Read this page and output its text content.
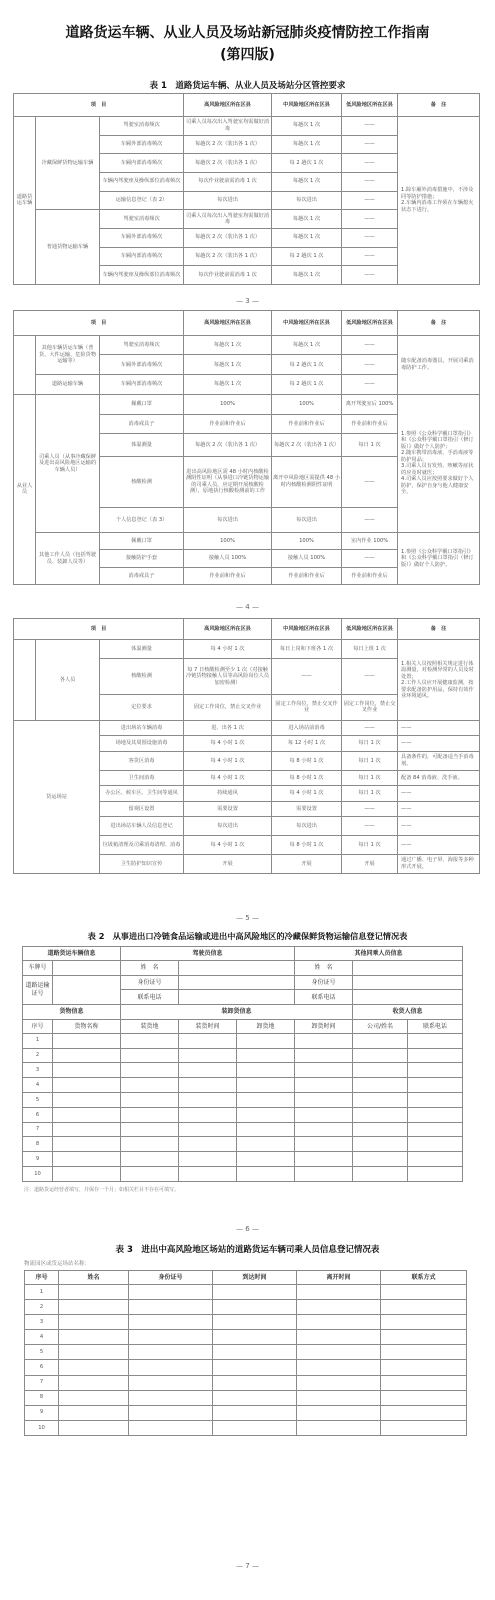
道路货运车辆、从业人员及场站新冠肺炎疫情防控工作指南
(第四版)
表 1　道路货运车辆、从业人员及场站分区管控要求
项　目			高风险地区所在区县	中风险地区所在区县	低风险地区所在区县	备　注
道路货运车辆	冷藏保鲜货物运输车辆	驾驶室消毒频次	司乘人员每次出入驾驶室均需做好消毒	每趟次 1 次	——	1.除车厢外消毒措施中，不涉及同等防护措施；
2.车辆内消毒工作须在车辆熄火状态下进行。
		车厢外部消毒频次	每趟次 2 次（装出各 1 次）	每趟次 1 次	——	
		车厢内部消毒频次	每趟次 2 次（装出各 1 次）	每 2 趟次 1 次	——	
		车辆内驾驶座及操纵部位消毒频次	每次作业驶前需消毒 1 次	每趟次 1 次	——	
		运输信息登记（表 2）	每次进出	每次进出	——	
	普通货物运输车辆	驾驶室消毒频次	司乘人员每次出入驾驶室均需做好消毒	每趟次 1 次	——	
		车厢外部消毒频次	每趟次 2 次（装出各 1 次）	每趟次 1 次	——	
		车厢内部消毒频次	每趟次 2 次（装出各 1 次）	每 2 趟次 1 次	——	
		车辆内驾驶座及操纵部位消毒频次	每次作业驶前需消毒 1 次	每趟次 1 次	——	
— 3 —
项　目			高风险地区所在区县	中风险地区所在区县	低风险地区所在区县	备　注
	其他车辆货运车辆（普货、大件运输、危险货物运输等）	驾驶室消毒频次	每趟次 1 次	每趟次 1 次	——	随车配备消毒器具，开展司乘消毒防护工作。
		车厢外部消毒频次	每趟次 1 次	每 2 趟次 1 次	——	
	道路运输车辆	车厢内部消毒频次	每趟次 1 次	每 2 趟次 1 次	——	
从业人员	司乘人员（从事冷藏保鲜及进出高风险地区运输的车辆人员）	佩戴口罩	100%	100%	离开驾驶室后 100%	1.参照《公众科学戴口罩指引》和《公众科学戴口罩指引（修订版）》做好个人防护；
2.随车携带消毒液、手消毒液等防护用品；
3.司乘人员有发热、咳嗽等症状的应及时就医；
4.司乘人员应按照要求做好个人防护，保护自身与他人健康安全。
		消毒戒具子	作业前和作业后	作业前和作业后	作业前和作业后	
		体温测量	每趟次 2 次（装出各 1 次）	每趟次 2 次（装出各 1 次）	每日 1 次	
		核酸检测	进出高风险地区需 48 小时内核酸检测阴性证明（从事进口冷链货物运输的司乘人员，应定期开展核酸检测），原地执行核酸检测前的工作	离开中风险地区需提供 48 小时内核酸检测阴性证明	——	
		个人信息登记（表 3）	每次进出	每次进出	——	
	其他工作人员（包括驾驶员、装卸人员等）	佩戴口罩	100%	100%	室内作业 100%	1.参照《公众科学戴口罩指引》和《公众科学戴口罩指引（修订版）》做好个人防护。
		接触防护手套	接触人员 100%	接触人员 100%	——	
		消毒戒具子	作业前和作业后	作业前和作业后	作业前和作业后	
— 4 —
项　目			高风险地区所在区县	中风险地区所在区县	低风险地区所在区县	备　注
	各人员	体温测量	每 4 小时 1 次	每日上岗和下班各 1 次	每日上班 1 次	1.相关人员按照相关规定进行体温测量，对检测异常的人员及时处置；
2.工作人员应开展健康监测，按要求配备防护用品，保持有效作业环境通风。
		核酸检测	每 7 日核酸检测至少 1 次（对接触冷链货物接触人员等高风险岗位人员加密检测）	——	——	
		定位要求	固定工作岗位，禁止交叉作业	固定工作岗位，禁止交叉作业	固定工作岗位，禁止交叉作业	
货运场站		进出场站车辆消毒	进、出各 1 次	进入场站前消毒	——	——
		场地及其周围设施消毒	每 4 小时 1 次	每 12 小时 1 次	每日 1 次	——
		客货区消毒	每 4 小时 1 次	每 8 小时 1 次	每日 1 次	具备条件的，可配备适当手消毒剂。
		卫生间消毒	每 4 小时 1 次	每 8 小时 1 次	每日 1 次	配备 84 消毒液、洗手液。
		办公区、候车区、卫生间等通风	持续通风	每 4 小时 1 次	每日 1 次	——
		留观区设置	需要设置	需要设置	——	——
		进出场站车辆人员信息登记	每次进出	每次进出	——	——
		垃圾箱清理及司乘消毒清理、消毒	每 4 小时 1 次	每 8 小时 1 次	每日 1 次	——
		卫生防护知识宣传	开展	开展	开展	通过广播、电子屏、海报等多种形式开展。
— 5 —
表 2　从事进出口冷链食品运输或进出中高风险地区的冷藏保鲜货物运输信息登记情况表
道路货运车辆信息		驾驶员信息			其他同乘人员信息		
车牌号		姓　名			姓　名		
道路运输证号		身份证号			身份证号		
		联系电话			联系电话		
货物信息		装卸货信息				收货人信息	
序号	货物名称	装货地	装货时间	卸货地	卸货时间	公司/姓名	联系电话
1							
2							
3							
4							
5							
6							
7							
8							
9							
10							
注：道路货运经营者填写，并保存一个月；如相关栏目不存在可填写。
— 6 —
表 3　进出中高风险地区场站的道路货运车辆司乘人员信息登记情况表
物流园区或货运场站名称：
序号	姓名	身份证号	到达时间	离开时间	联系方式
1					
2					
3					
4					
5					
6					
7					
8					
9					
10					
— 7 —
